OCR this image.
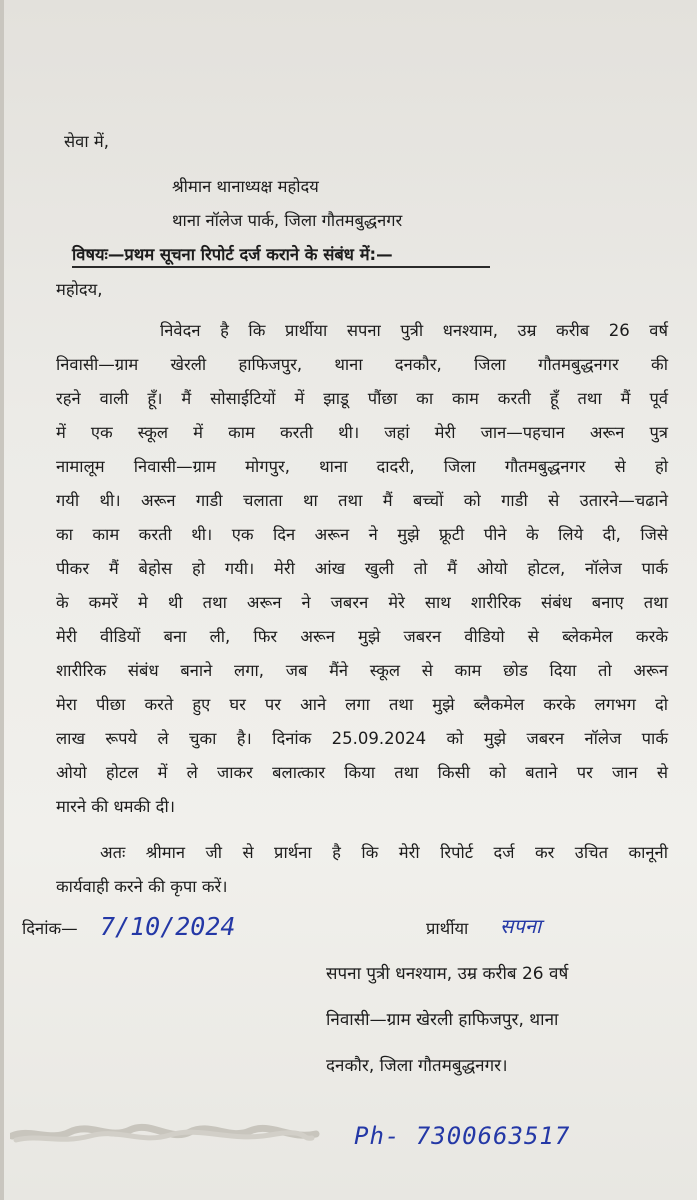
सेवा में,

श्रीमान थानाध्यक्ष महोदय

थाना नॉलेज पार्क, जिला गौतमबुद्धनगर

विषयः—प्रथम सूचना रिपोर्ट दर्ज कराने के संबंध में:—

महोदय,

निवेदन है कि प्रार्थीया सपना पुत्री धनश्याम, उम्र करीब 26 वर्ष

निवासी—ग्राम खेरली हाफिजपुर, थाना दनकौर, जिला गौतमबुद्धनगर की

रहने वाली हूँ। मैं सोसाईटियों में झाडू पौंछा का काम करती हूँ तथा मैं पूर्व

में एक स्कूल में काम करती थी। जहां मेरी जान—पहचान अरून पुत्र

नामालूम निवासी—ग्राम मोगपुर, थाना दादरी, जिला गौतमबुद्धनगर से हो

गयी थी। अरून गाडी चलाता था तथा मैं बच्चों को गाडी से उतारने—चढाने

का काम करती थी। एक दिन अरून ने मुझे फ्रूटी पीने के लिये दी, जिसे

पीकर मैं बेहोस हो गयी। मेरी आंख खुली तो मैं ओयो होटल, नॉलेज पार्क

के कमरें मे थी तथा अरून ने जबरन मेरे साथ शारीरिक संबंध बनाए तथा

मेरी वीडियों बना ली, फिर अरून मुझे जबरन वीडियो से ब्लेकमेल करके

शारीरिक संबंध बनाने लगा, जब मैंने स्कूल से काम छोड दिया तो अरून

मेरा पीछा करते हुए घर पर आने लगा तथा मुझे ब्लैकमेल करके लगभग दो

लाख रूपये ले चुका है। दिनांक 25.09.2024 को मुझे जबरन नॉलेज पार्क

ओयो होटल में ले जाकर बलात्कार किया तथा किसी को बताने पर जान से

मारने की धमकी दी।

अतः श्रीमान जी से प्रार्थना है कि मेरी रिपोर्ट दर्ज कर उचित कानूनी

कार्यवाही करने की कृपा करें।

दिनांक— 7/10/2024	प्रार्थीया सपना

सपना पुत्री धनश्याम, उम्र करीब 26 वर्ष

निवासी—ग्राम खेरली हाफिजपुर, थाना

दनकौर, जिला गौतमबुद्धनगर।

Ph- 7300663517
